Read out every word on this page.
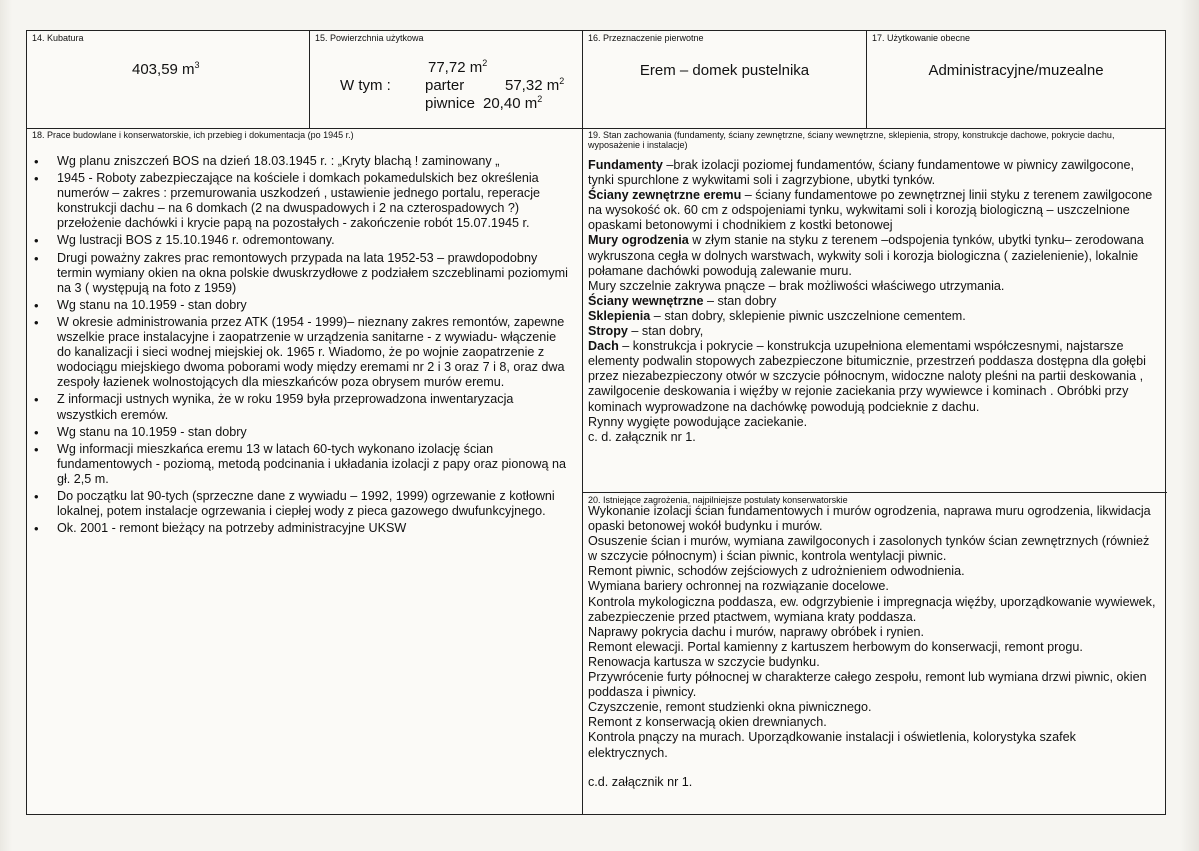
14. Kubatura
403,59 $m^3$
15. Powierzchnia użytkowa
77,72 $m^2$
W tym : parter	57,32 $m^2$
piwnice 20,40 $m^2$
16. Przeznaczenie pierwotne
Erem – domek pustelnika
17. Użytkowanie obecne
Administracyjne/muzealne
18. Prace budowlane i konserwatorskie, ich przebieg i dokumentacja (po 1945 r.)
• Wg planu zniszczeń BOS na dzień 18.03.1945 r. : „Kryty blachą ! zaminowany „
• 1945 - Roboty zabezpieczające na kościele i domkach pokamedulskich bez określenia numerów – zakres : przemurowania uszkodzeń , ustawienie jednego portalu, reperacje konstrukcji dachu – na 6 domkach (2 na dwuspadowych i 2 na czterospadowych ?) przełożenie dachówki i krycie papą na pozostałych - zakończenie robót 15.07.1945 r.
• Wg lustracji BOS z 15.10.1946 r. odremontowany.
• Drugi poważny zakres prac remontowych przypada na lata 1952-53 – prawdopodobny termin wymiany okien na okna polskie dwuskrzydłowe z podziałem szczeblinami poziomymi na 3 ( występują na foto z 1959)
• Wg stanu na 10.1959 - stan dobry
• W okresie administrowania przez ATK (1954 - 1999)– nieznany zakres remontów, zapewne wszelkie prace instalacyjne i zaopatrzenie w urządzenia sanitarne - z wywiadu- włączenie do kanalizacji i sieci wodnej miejskiej ok. 1965 r. Wiadomo, że po wojnie zaopatrzenie z wodociągu miejskiego dwoma poborami wody między eremami nr 2 i 3 oraz 7 i 8, oraz dwa zespoły łazienek wolnostojących dla mieszkańców poza obrysem murów eremu.
• Z informacji ustnych wynika, że w roku 1959 była przeprowadzona inwentaryzacja wszystkich eremów.
• Wg stanu na 10.1959 - stan dobry
• Wg informacji mieszkańca eremu 13 w latach 60-tych wykonano izolację ścian fundamentowych - poziomą, metodą podcinania i układania izolacji z papy oraz pionową na gł. 2,5 m.
• Do początku lat 90-tych (sprzeczne dane z wywiadu – 1992, 1999) ogrzewanie z kotłowni lokalnej, potem instalacje ogrzewania i ciepłej wody z pieca gazowego dwufunkcyjnego.
• Ok. 2001 - remont bieżący na potrzeby administracyjne UKSW
19. Stan zachowania (fundamenty, ściany zewnętrzne, ściany wewnętrzne, sklepienia, stropy, konstrukcje dachowe, pokrycie dachu, wyposażenie i instalacje)

Fundamenty –brak izolacji poziomej fundamentów, ściany fundamentowe w piwnicy zawilgocone, tynki spurchlone z wykwitami soli i zagrzybione, ubytki tynków.

Ściany zewnętrzne eremu – ściany fundamentowe po zewnętrznej linii styku z terenem zawilgocone na wysokość ok. 60 cm z odspojeniami tynku, wykwitami soli i korozją biologiczną – uszczelnione opaskami betonowymi i chodnikiem z kostki betonowej

Mury ogrodzenia w złym stanie na styku z terenem –odspojenia tynków, ubytki tynku– zerodowana wykruszona cegła w dolnych warstwach, wykwity soli i korozja biologiczna ( zazielenienie), lokalnie połamane dachówki powodują zalewanie muru.

Mury szczelnie zakrywa pnącze – brak możliwości właściwego utrzymania.

Ściany wewnętrzne – stan dobry

Sklepienia – stan dobry, sklepienie piwnic uszczelnione cementem.

Stropy – stan dobry,

Dach – konstrukcja i pokrycie – konstrukcja uzupełniona elementami współczesnymi, najstarsze elementy podwalin stopowych zabezpieczone bitumicznie, przestrzeń poddasza dostępna dla gołębi przez niezabezpieczony otwór w szczycie północnym, widoczne naloty pleśni na partii deskowania , zawilgocenie deskowania i więźby w rejonie zaciekania przy wywiewce i kominach . Obróbki przy kominach wyprowadzone na dachówkę powodują podcieknie z dachu.

Rynny wygięte powodujące zaciekanie.

c. d. załącznik nr 1.

20. Istniejące zagrożenia, najpilniejsze postulaty konserwatorskie

Wykonanie izolacji ścian fundamentowych i murów ogrodzenia, naprawa muru ogrodzenia, likwidacja opaski betonowej wokół budynku i murów.

Osuszenie ścian i murów, wymiana zawilgoconych i zasolonych tynków ścian zewnętrznych (również w szczycie północnym) i ścian piwnic, kontrola wentylacji piwnic.

Remont piwnic, schodów zejściowych z udrożnieniem odwodnienia.

Wymiana bariery ochronnej na rozwiązanie docelowe.

Kontrola mykologiczna poddasza, ew. odgrzybienie i impregnacja więźby, uporządkowanie wywiewek, zabezpieczenie przed ptactwem, wymiana kraty poddasza.

Naprawy pokrycia dachu i murów, naprawy obróbek i rynien.

Remont elewacji. Portal kamienny z kartuszem herbowym do konserwacji, remont progu.

Renowacja kartusza w szczycie budynku.

Przywrócenie furty północnej w charakterze całego zespołu, remont lub wymiana drzwi piwnic, okien poddasza i piwnicy.

Czyszczenie, remont studzienki okna piwnicznego.

Remont z konserwacją okien drewnianych.

Kontrola pnączy na murach. Uporządkowanie instalacji i oświetlenia, kolorystyka szafek elektrycznych.

c.d. załącznik nr 1.
